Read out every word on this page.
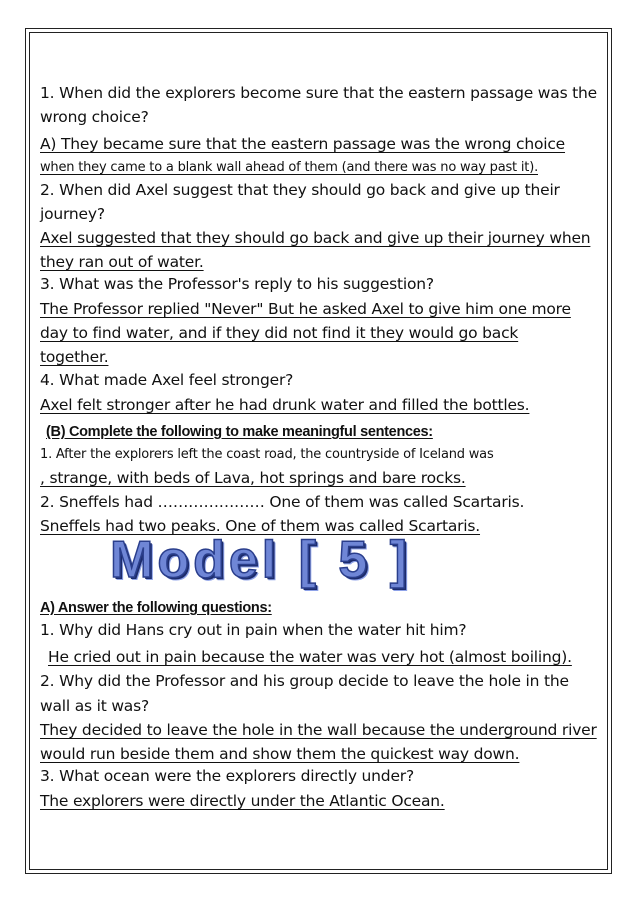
1. When did the explorers become sure that the eastern passage was the
wrong choice?
A) They became sure that the eastern passage was the wrong choice
when they came to a blank wall ahead of them (and there was no way past it).
2. When did Axel suggest that they should go back and give up their
journey?
Axel suggested that they should go back and give up their journey when
they ran out of water.
3. What was the Professor's reply to his suggestion?
The Professor replied "Never" But he asked Axel to give him one more
day to find water, and if they did not find it they would go back
together.
4. What made Axel feel stronger?
Axel felt stronger after he had drunk water and filled the bottles.
(B) Complete the following to make meaningful sentences:
1. After the explorers left the coast road, the countryside of Iceland was
, strange, with beds of Lava, hot springs and bare rocks.
2. Sneffels had ………………… One of them was called Scartaris.
Sneffels had two peaks. One of them was called Scartaris.
Model [ 5 ]
A) Answer the following questions:
1. Why did Hans cry out in pain when the water hit him?
He cried out in pain because the water was very hot (almost boiling).
2. Why did the Professor and his group decide to leave the hole in the
wall as it was?
They decided to leave the hole in the wall because the underground river
would run beside them and show them the quickest way down.
3. What ocean were the explorers directly under?
The explorers were directly under the Atlantic Ocean.
